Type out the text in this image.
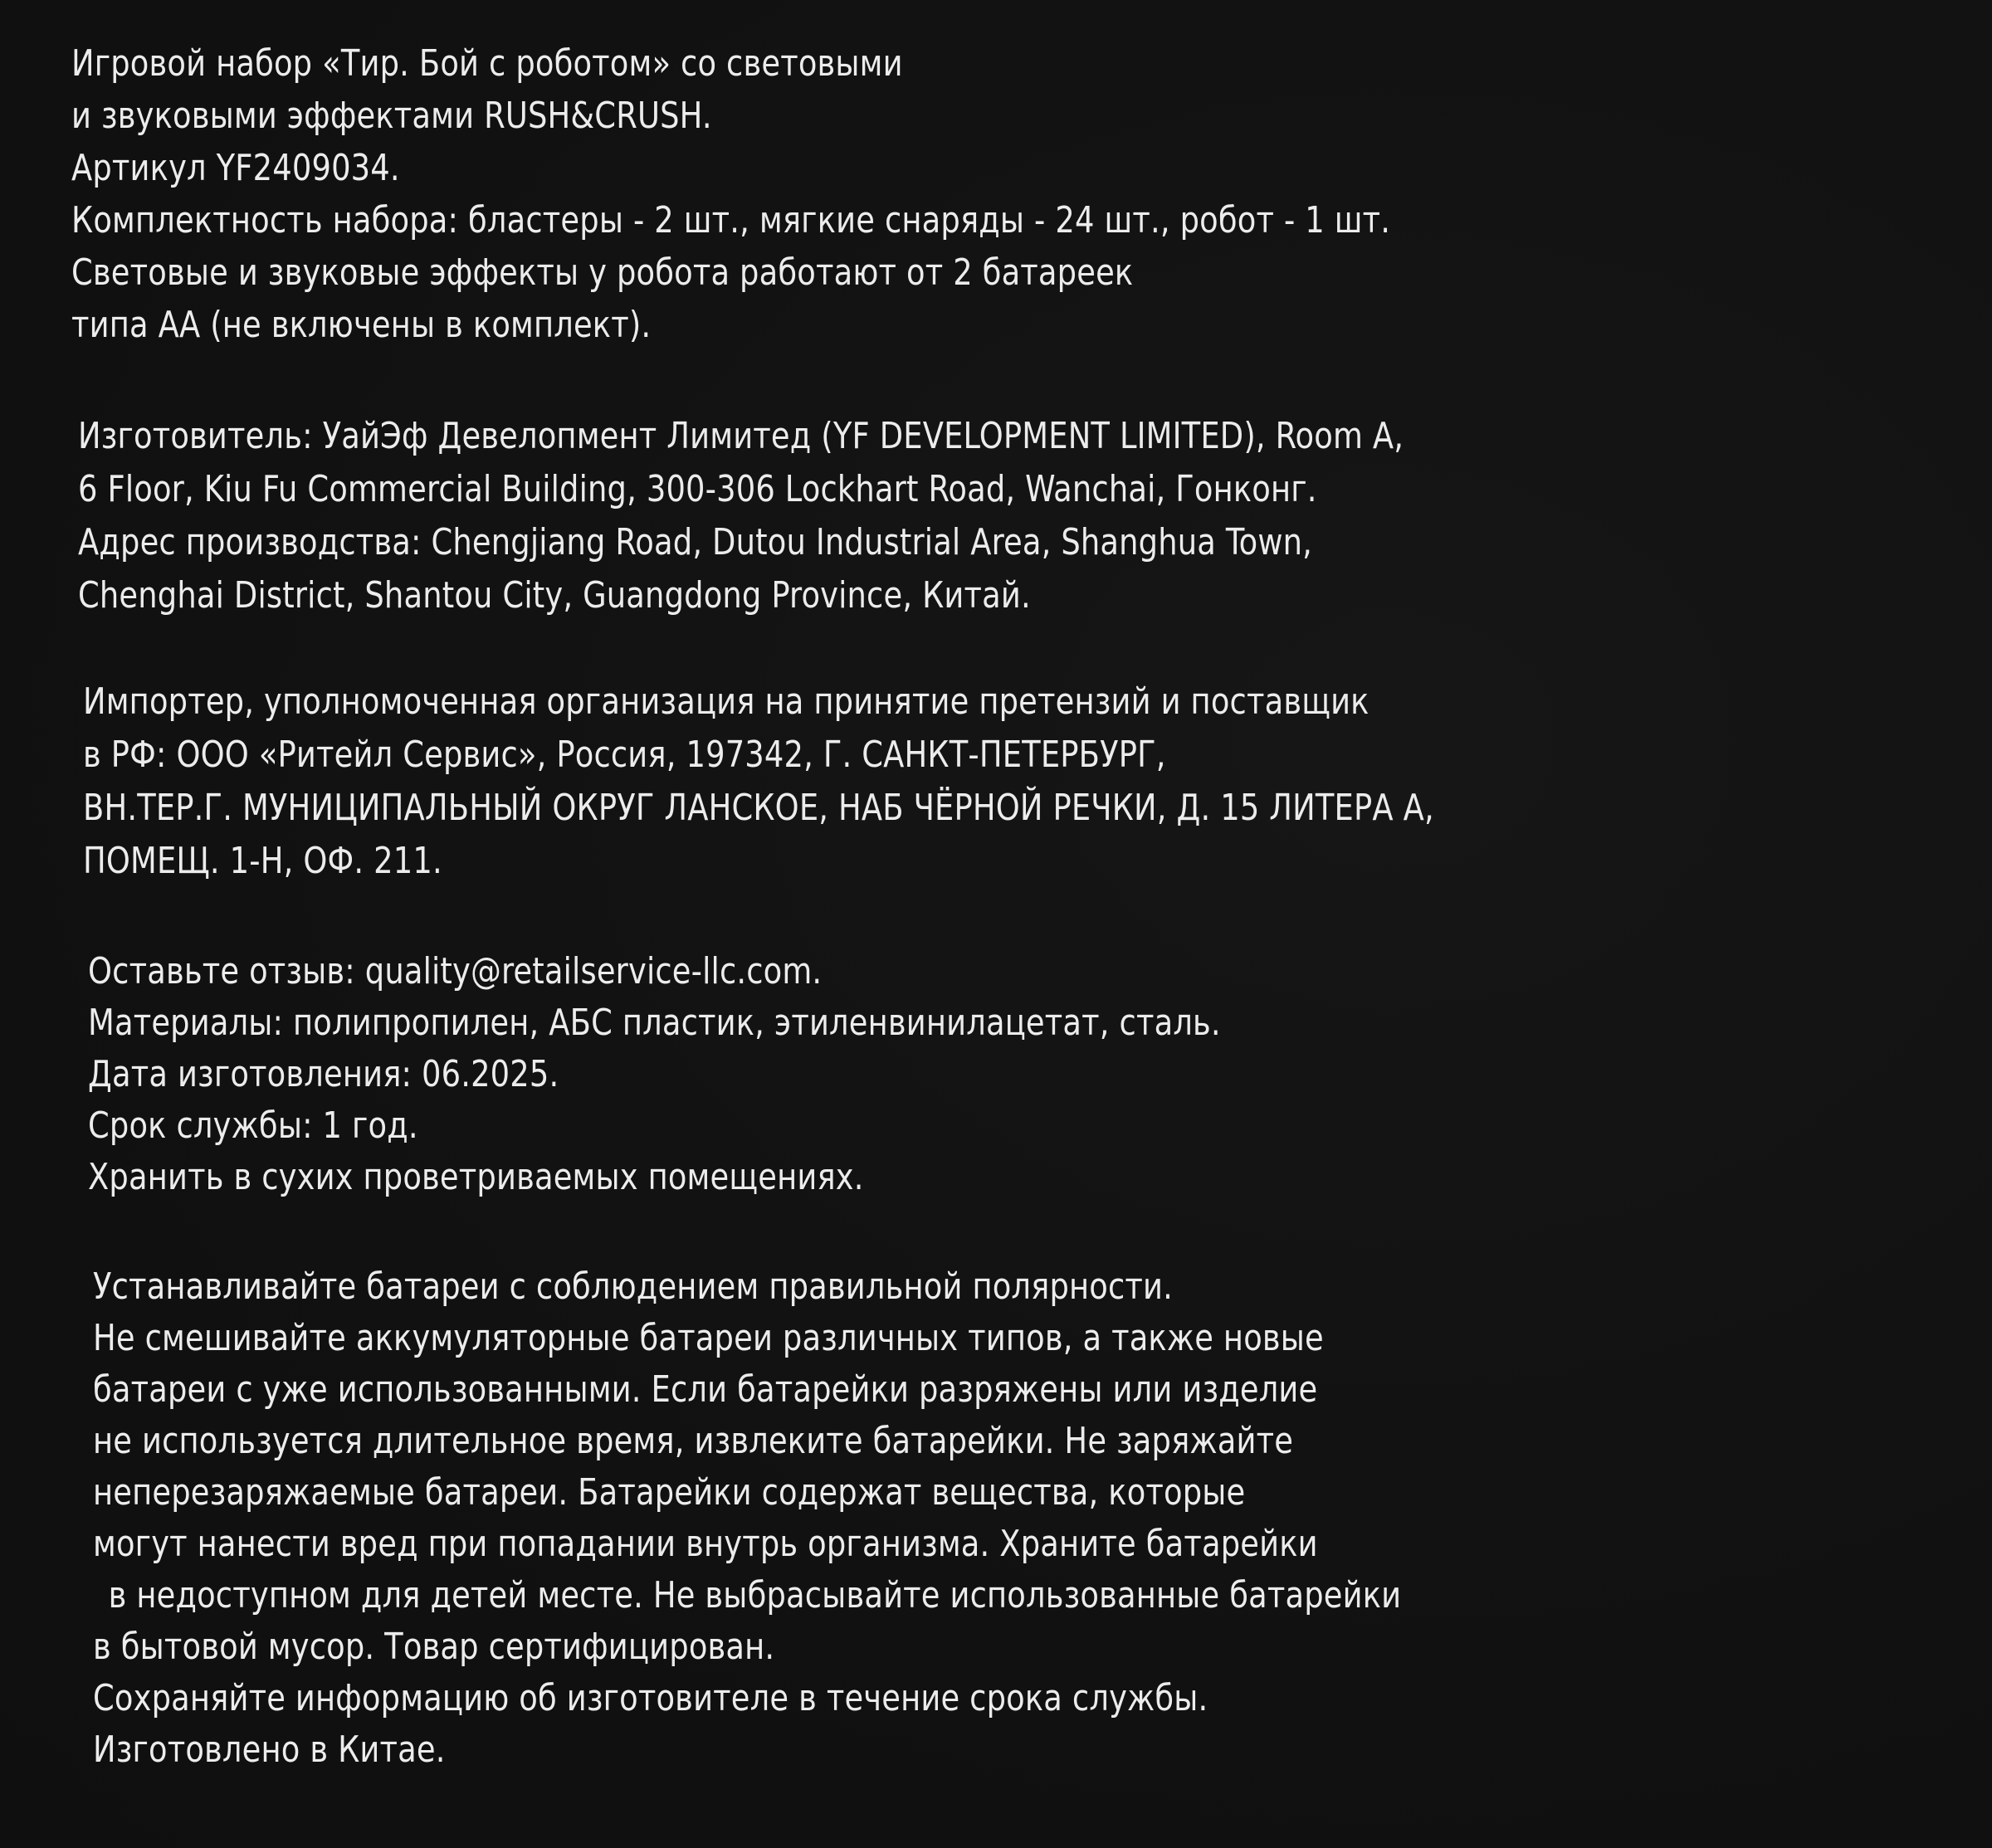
Игровой набор «Тир. Бой с роботом» со световыми
и звуковыми эффектами RUSH&CRUSH.
Артикул YF2409034.
Комплектность набора: бластеры - 2 шт., мягкие снаряды - 24 шт., робот - 1 шт.
Световые и звуковые эффекты у робота работают от 2 батареек
типа АА (не включены в комплект).
Изготовитель: УайЭф Девелопмент Лимитед (YF DEVELOPMENT LIMITED), Room A,
6 Floor, Kiu Fu Commercial Building, 300-306 Lockhart Road, Wanchai, Гонконг.
Адрес производства: Chengjiang Road, Dutou Industrial Area, Shanghua Town,
Chenghai District, Shantou City, Guangdong Province, Китай.
Импортер, уполномоченная организация на принятие претензий и поставщик
в РФ: ООО «Ритейл Сервис», Россия, 197342, Г. САНКТ-ПЕТЕРБУРГ,
ВН.ТЕР.Г. МУНИЦИПАЛЬНЫЙ ОКРУГ ЛАНСКОЕ, НАБ ЧЁРНОЙ РЕЧКИ, Д. 15 ЛИТЕРА А,
ПОМЕЩ. 1-Н, ОФ. 211.
Оставьте отзыв: quality@retailservice-llc.com.
Материалы: полипропилен, АБС пластик, этиленвинилацетат, сталь.
Дата изготовления: 06.2025.
Срок службы: 1 год.
Хранить в сухих проветриваемых помещениях.
Устанавливайте батареи с соблюдением правильной полярности.
Не смешивайте аккумуляторные батареи различных типов, а также новые
батареи с уже использованными. Если батарейки разряжены или изделие
не используется длительное время, извлеките батарейки. Не заряжайте
неперезаряжаемые батареи. Батарейки содержат вещества, которые
могут нанести вред при попадании внутрь организма. Храните батарейки
в недоступном для детей месте. Не выбрасывайте использованные батарейки
в бытовой мусор. Товар сертифицирован.
Сохраняйте информацию об изготовителе в течение срока службы.
Изготовлено в Китае.
